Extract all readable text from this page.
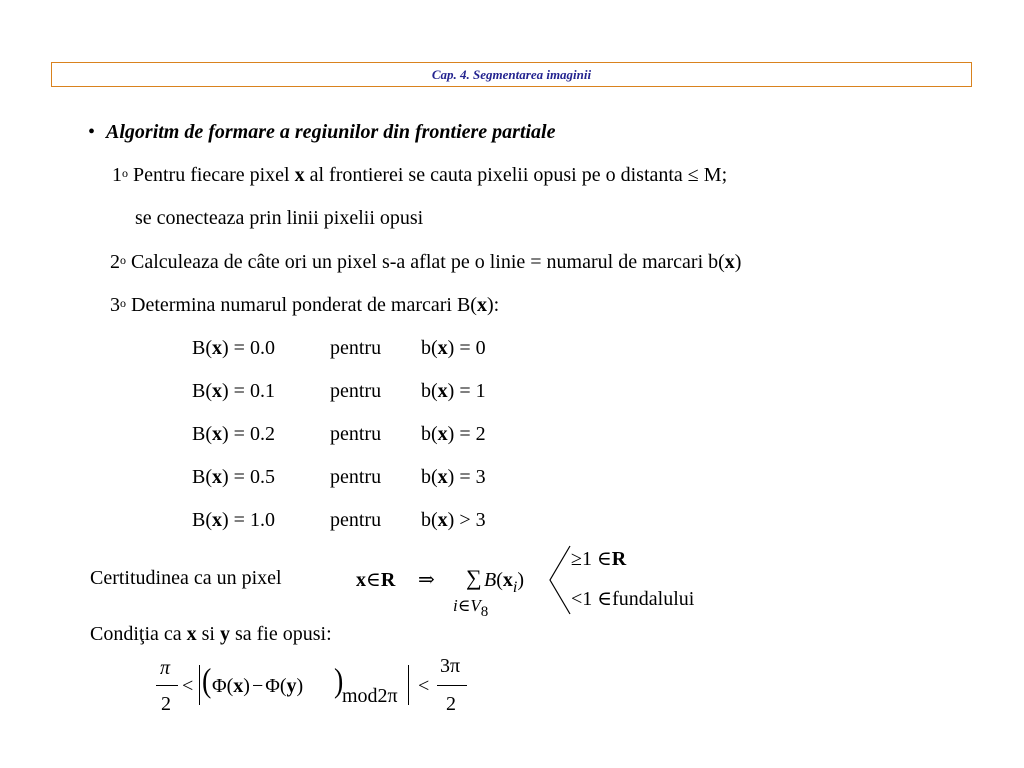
Cap. 4. Segmentarea imaginii
• Algoritm de formare a regiunilor din frontiere partiale
1$^o$ Pentru fiecare pixel x al frontierei se cauta pixelii opusi pe o distanta ≤ M;
se conecteaza prin linii pixelii opusi
2$^o$ Calculeaza de câte ori un pixel s-a aflat pe o linie = numarul de marcari b(x)
3$^o$ Determina numarul ponderat de marcari B(x):
B(x) = 0.0	pentru b(x) = 0
B(x) = 0.1	pentru b(x) = 1
B(x) = 0.2	pentru b(x) = 2
B(x) = 0.5	pentru b(x) = 3
B(x) = 1.0	pentru b(x) > 3
Certitudinea ca un pixel	x∈R ⇒ ∑ $B(x_i)$
i∈V8
≥1 ∈R
<1 ∈fundalului
Condiţia ca x si y sa fie opusi:
π
2
< ( Φ(x) − Φ(y) )
mod2π <
3π
2
